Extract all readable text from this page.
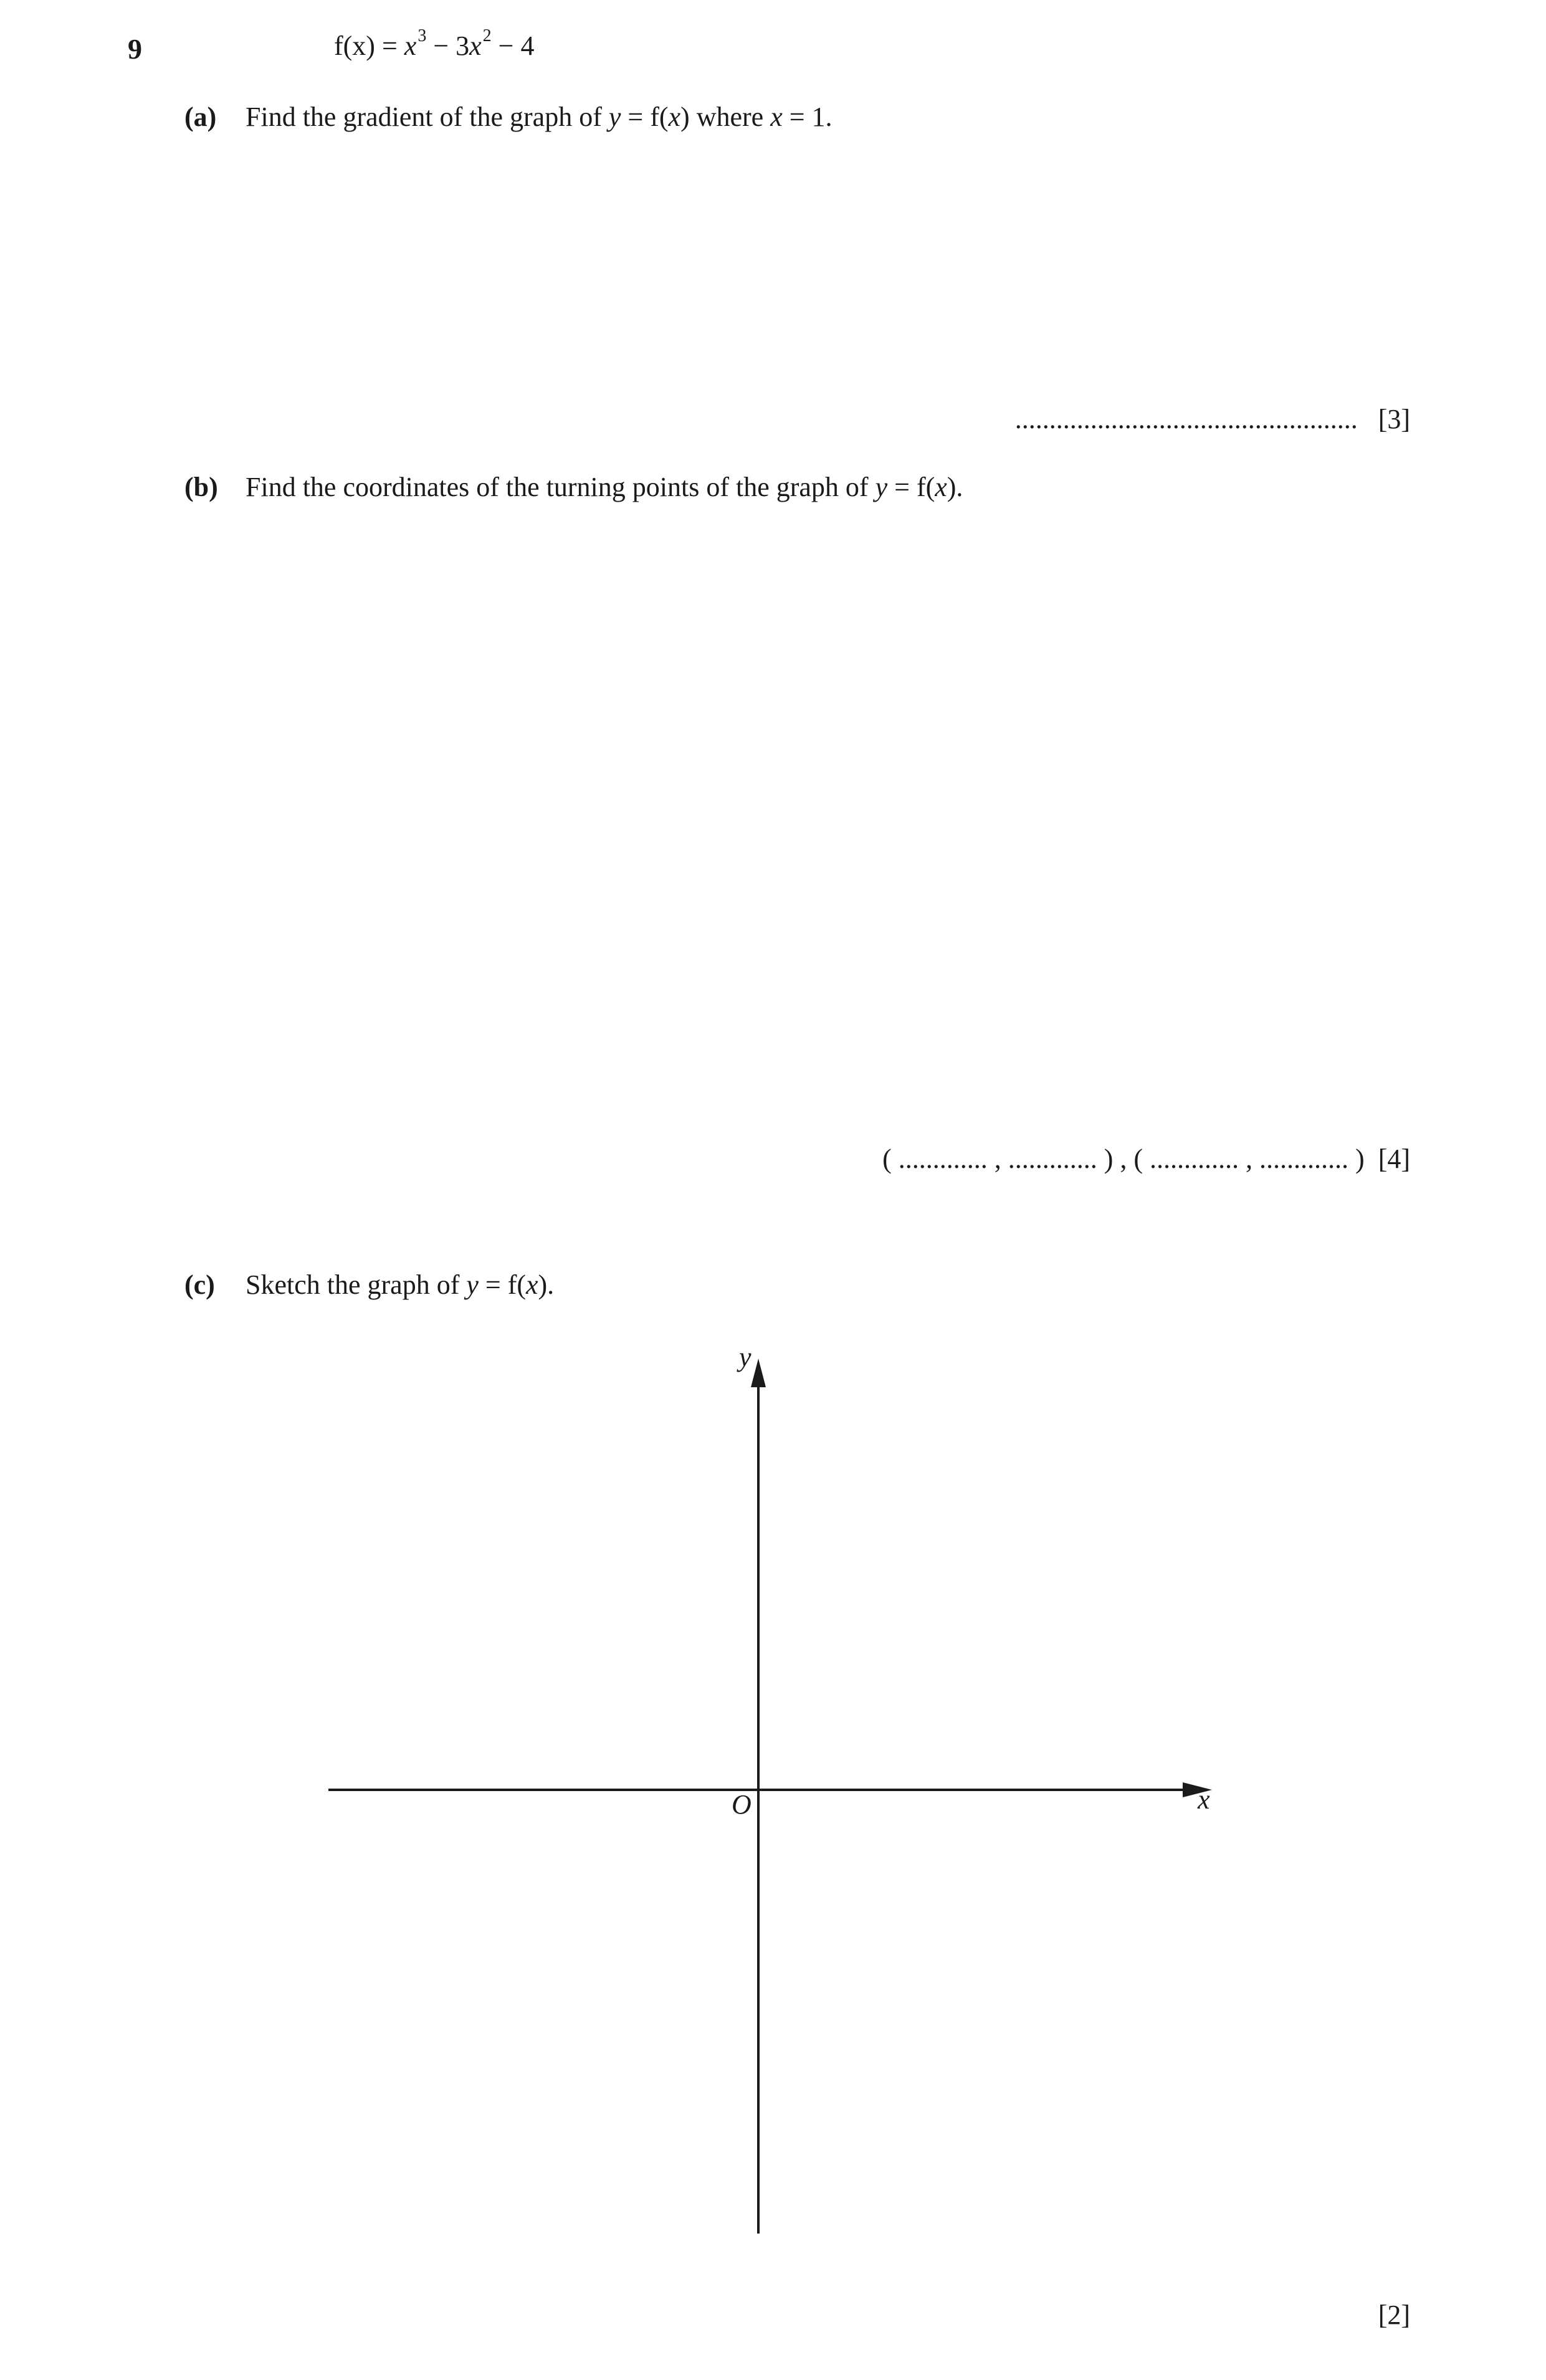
9	$f(x) = x^3 - 3x^2 - 4$
(a) Find the gradient of the graph of y = f(x) where x = 1.
.................................................. [3]
(b) Find the coordinates of the turning points of the graph of y = f(x).
( ............. , ............. ) , ( ............. , ............. ) [4]
(c) Sketch the graph of y = f(x).
y
x
O
[2]
